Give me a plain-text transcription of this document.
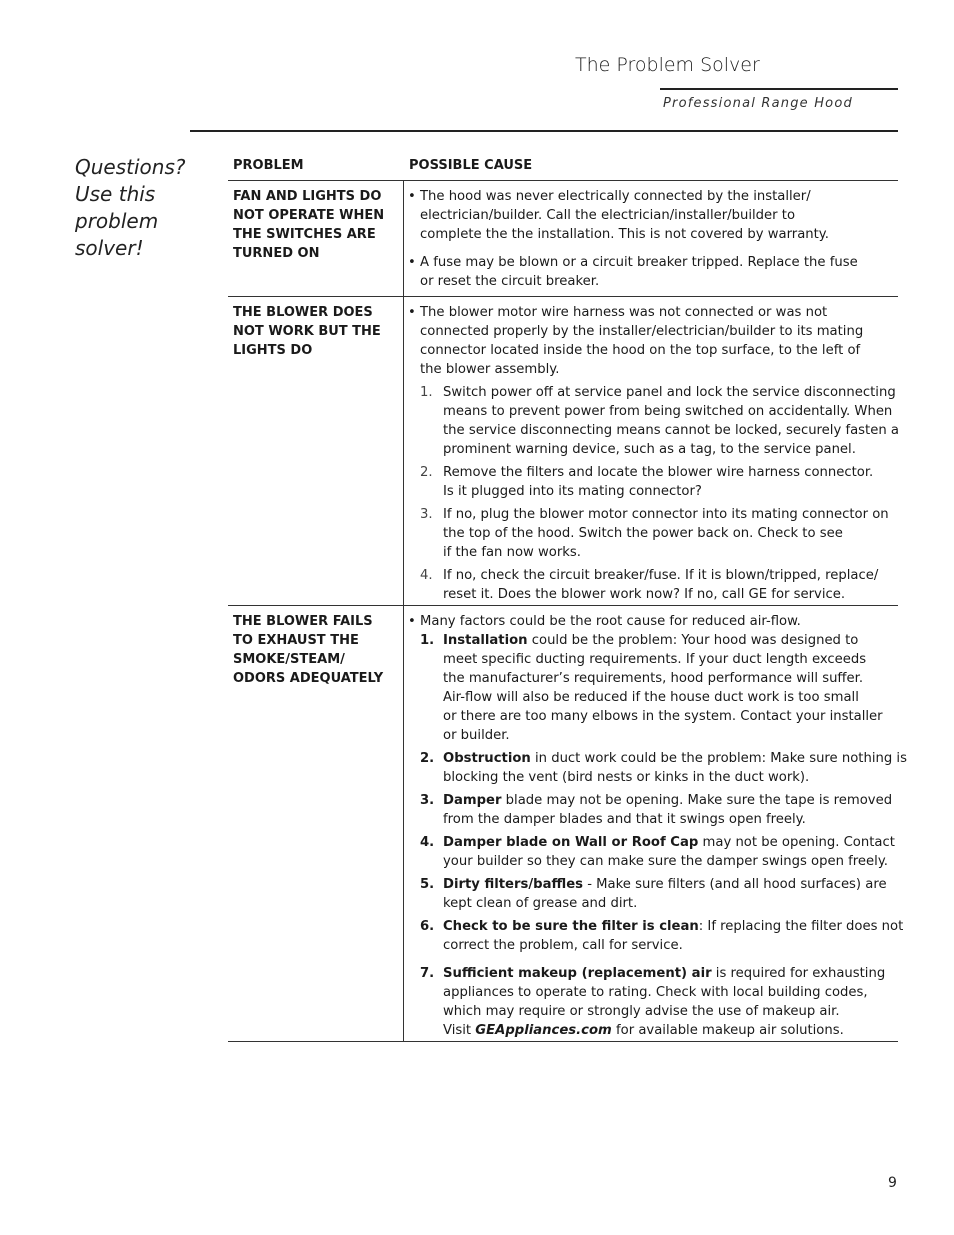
The Problem Solver
Professional Range Hood
Questions?
Use this
problem
solver!
PROBLEM	POSSIBLE CAUSE
FAN AND LIGHTS DO
NOT OPERATE WHEN
THE SWITCHES ARE
TURNED ON
• The hood was never electrically connected by the installer/
electrician/builder. Call the electrician/installer/builder to
complete the the installation. This is not covered by warranty.
• A fuse may be blown or a circuit breaker tripped. Replace the fuse
or reset the circuit breaker.
THE BLOWER DOES
NOT WORK BUT THE
LIGHTS DO
• The blower motor wire harness was not connected or was not
connected properly by the installer/electrician/builder to its mating
connector located inside the hood on the top surface, to the left of
the blower assembly.
1. Switch power off at service panel and lock the service disconnecting
means to prevent power from being switched on accidentally. When
the service disconnecting means cannot be locked, securely fasten a
prominent warning device, such as a tag, to the service panel.
2. Remove the filters and locate the blower wire harness connector.
Is it plugged into its mating connector?
3. If no, plug the blower motor connector into its mating connector on
the top of the hood. Switch the power back on. Check to see
if the fan now works.
4. If no, check the circuit breaker/fuse. If it is blown/tripped, replace/
reset it. Does the blower work now? If no, call GE for service.
THE BLOWER FAILS
TO EXHAUST THE
SMOKE/STEAM/
ODORS ADEQUATELY
• Many factors could be the root cause for reduced air-flow.
1. Installation could be the problem: Your hood was designed to
meet specific ducting requirements. If your duct length exceeds
the manufacturer’s requirements, hood performance will suffer.
Air-flow will also be reduced if the house duct work is too small
or there are too many elbows in the system. Contact your installer
or builder.
2. Obstruction in duct work could be the problem: Make sure nothing is
blocking the vent (bird nests or kinks in the duct work).
3. Damper blade may not be opening. Make sure the tape is removed
from the damper blades and that it swings open freely.
4. Damper blade on Wall or Roof Cap may not be opening. Contact
your builder so they can make sure the damper swings open freely.
5. Dirty filters/baffles - Make sure filters (and all hood surfaces) are
kept clean of grease and dirt.
6. Check to be sure the filter is clean: If replacing the filter does not
correct the problem, call for service.
7. Sufficient makeup (replacement) air is required for exhausting
appliances to operate to rating. Check with local building codes,
which may require or strongly advise the use of makeup air.
Visit GEAppliances.com for available makeup air solutions.
9
